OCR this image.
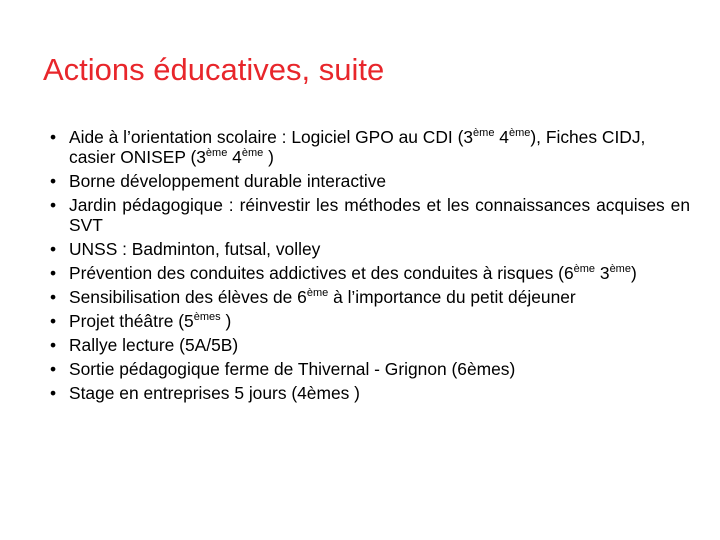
Actions éducatives, suite
• Aide à l’orientation scolaire : Logiciel GPO au CDI (3ème 4ème), Fiches CIDJ, casier ONISEP (3ème 4ème )
• Borne développement durable interactive
• Jardin pédagogique : réinvestir les méthodes et les connaissances acquises en SVT
• UNSS : Badminton, futsal, volley
• Prévention des conduites addictives et des conduites à risques (6ème 3ème)
• Sensibilisation des élèves de 6ème à l’importance du petit déjeuner
• Projet théâtre (5èmes )
• Rallye lecture (5A/5B)
• Sortie pédagogique ferme de Thivernal - Grignon (6èmes)
• Stage en entreprises 5 jours (4èmes )
